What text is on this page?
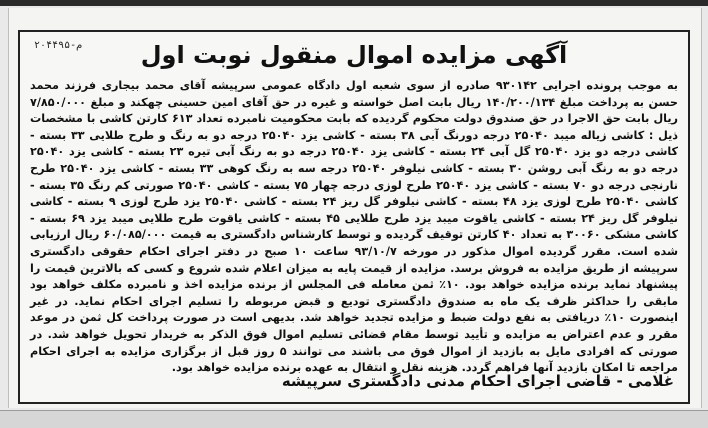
۲۰۴۴۹۵-م	آگهی مزایده اموال منقول نوبت اول

به موجب پرونده اجرایی ۹۳۰۱۴۲ صادره از سوی شعبه اول دادگاه عمومی سرپیشه آقای محمد بیجاری فرزند محمد حسن به پرداخت مبلغ ۱۴۰/۲۰۰/۱۳۴ ریال بابت اصل خواسته و غیره در حق آقای امین حسینی چهکند و مبلغ ۷/۸۵۰/۰۰۰ ریال بابت حق الاجرا در حق صندوق دولت محکوم گردیده که بابت محکومیت نامبرده تعداد ۶۱۳ کارتن کاشی با مشخصات ذیل : کاشی زیاله میبد ۲۵۰۴۰ درجه دورنگ آبی ۳۸ بسته - کاشی یزد ۲۵۰۴۰ درجه دو به رنگ و طرح طلایی ۳۳ بسته - کاشی درجه دو یزد ۲۵۰۴۰ گل آبی ۲۴ بسته - کاشی یزد ۲۵۰۴۰ درجه دو به رنگ آبی تیره ۲۳ بسته - کاشی یزد ۲۵۰۴۰ درجه دو به رنگ آبی روشن ۳۰ بسته - کاشی نیلوفر ۲۵۰۴۰ درجه سه به رنگ کوهی ۳۳ بسته - کاشی یزد ۲۵۰۴۰ طرح نارنجی درجه دو ۷۰ بسته - کاشی یزد ۲۵۰۴۰ طرح لوزی درجه چهار ۷۵ بسته - کاشی ۲۵۰۴۰ صورتی کم رنگ ۳۵ بسته - کاشی ۲۵۰۴۰ طرح لوزی یزد ۴۸ بسته - کاشی نیلوفر گل ریز ۲۴ بسته - کاشی ۲۵۰۴۰ یزد طرح لوزی ۹ بسته - کاشی نیلوفر گل ریز ۲۴ بسته - کاشی یاقوت میبد یزد طرح طلایی ۴۵ بسته - کاشی یاقوت طرح طلایی میبد یزد ۶۹ بسته - کاشی مشکی ۳۰۰۶۰ به تعداد ۴۰ کارتن توقیف گردیده و توسط کارشناس دادگستری به قیمت ۶۰/۰۸۵/۰۰۰ ریال ارزیابی شده است. مقرر گردیده اموال مذکور در مورخه ۹۳/۱۰/۷ ساعت ۱۰ صبح در دفتر اجرای احکام حقوقی دادگستری سرپیشه از طریق مزایده به فروش برسد. مزایده از قیمت پایه به میزان اعلام شده شروع و کسی که بالاترین قیمت را پیشنهاد نماید برنده مزایده خواهد بود. ۱۰٪ ثمن معامله فی المجلس از برنده مزایده اخذ و نامبرده مکلف خواهد بود مابقی را حداکثر ظرف یک ماه به صندوق دادگستری تودیع و قبض مربوطه را تسلیم اجرای احکام نماید. در غیر اینصورت ۱۰٪ دریافتی به نفع دولت ضبط و مزایده تجدید خواهد شد. بدیهی است در صورت پرداخت کل ثمن در موعد مقرر و عدم اعتراض به مزایده و تأیید توسط مقام قضائی تسلیم اموال فوق الذکر به خریدار تحویل خواهد شد. در صورتی که افرادی مایل به بازدید از اموال فوق می باشند می توانند ۵ روز قبل از برگزاری مزایده به اجرای احکام مراجعه تا امکان بازدید آنها فراهم گردد. هزینه نقل و انتقال به عهده برنده مزایده خواهد بود.

غلامی - قاضی اجرای احکام مدنی دادگستری سرپیشه
